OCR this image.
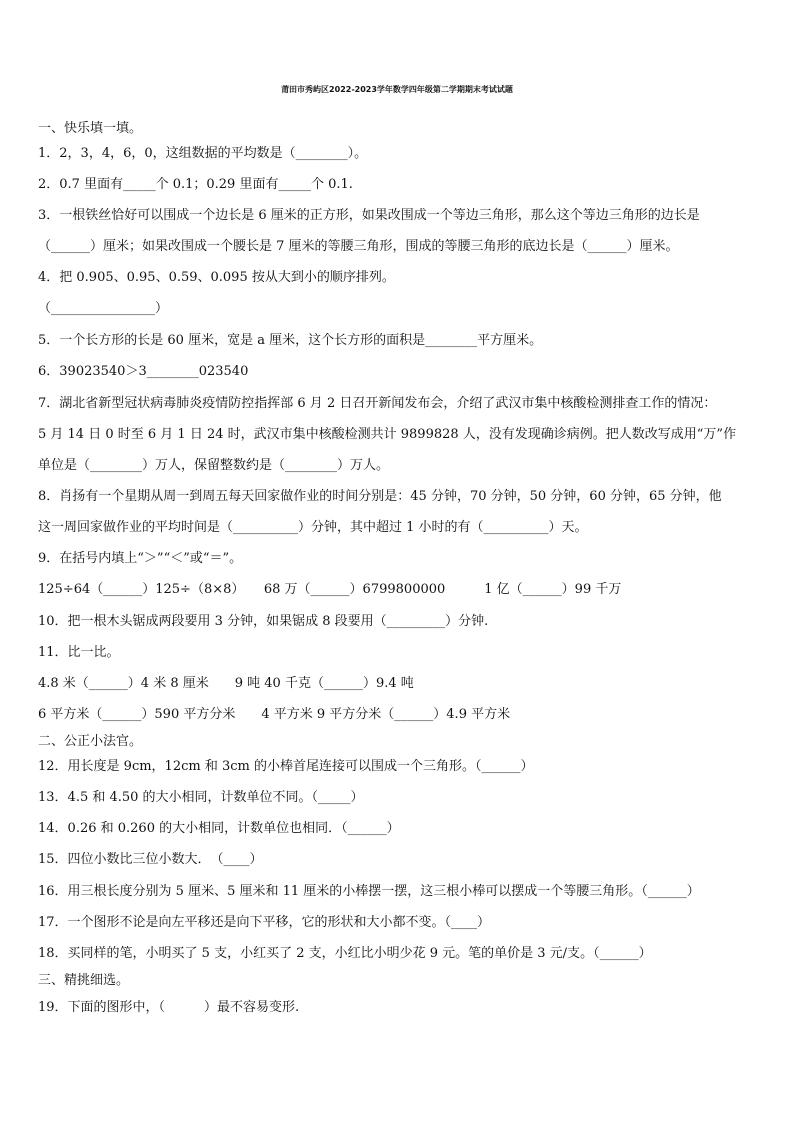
莆田市秀屿区2022-2023学年数学四年级第二学期期末考试试题
一、快乐填一填。
1．2，3，4，6，0，这组数据的平均数是（________）。
2．0.7 里面有_____个 0.1；0.29 里面有_____个 0.1.
3．一根铁丝恰好可以围成一个边长是 6 厘米的正方形，如果改围成一个等边三角形，那么这个等边三角形的边长是
（______）厘米；如果改围成一个腰长是 7 厘米的等腰三角形，围成的等腰三角形的底边长是（______）厘米。
4．把 0.905、0.95、0.59、0.095 按从大到小的顺序排列。
（________________）
5．一个长方形的长是 60 厘米，宽是 a 厘米，这个长方形的面积是________平方厘米。
6．39023540＞3________023540
7．湖北省新型冠状病毒肺炎疫情防控指挥部 6 月 2 日召开新闻发布会，介绍了武汉市集中核酸检测排查工作的情况：
5 月 14 日 0 时至 6 月 1 日 24 时，武汉市集中核酸检测共计 9899828 人，没有发现确诊病例。把人数改写成用“万”作
单位是（________）万人，保留整数约是（________）万人。
8．肖扬有一个星期从周一到周五每天回家做作业的时间分别是：45 分钟，70 分钟，50 分钟，60 分钟，65 分钟，他
这一周回家做作业的平均时间是（__________）分钟，其中超过 1 小时的有（__________）天。
9．在括号内填上“＞”“＜”或“＝”。
125÷64（______）125÷（8×8）　　68 万（______）6799800000　　　1 亿（______）99 千万
10．把一根木头锯成两段要用 3 分钟，如果锯成 8 段要用（_________）分钟.
11．比一比。
4.8 米（______）4 米 8 厘米　　9 吨 40 千克（______）9.4 吨
6 平方米（______）590 平方分米　　4 平方米 9 平方分米（______）4.9 平方米
二、公正小法官。
12．用长度是 9cm，12cm 和 3cm 的小棒首尾连接可以围成一个三角形。（______）
13．4.5 和 4.50 的大小相同，计数单位不同。（_____）
14．0.26 和 0.260 的大小相同，计数单位也相同．（______）
15．四位小数比三位小数大．　（____）
16．用三根长度分别为 5 厘米、5 厘米和 11 厘米的小棒摆一摆，这三根小棒可以摆成一个等腰三角形。（______）
17．一个图形不论是向左平移还是向下平移，它的形状和大小都不变。（____）
18．买同样的笔，小明买了 5 支，小红买了 2 支，小红比小明少花 9 元。笔的单价是 3 元/支。（______）
三、精挑细选。
19．下面的图形中，（　　　）最不容易变形.
